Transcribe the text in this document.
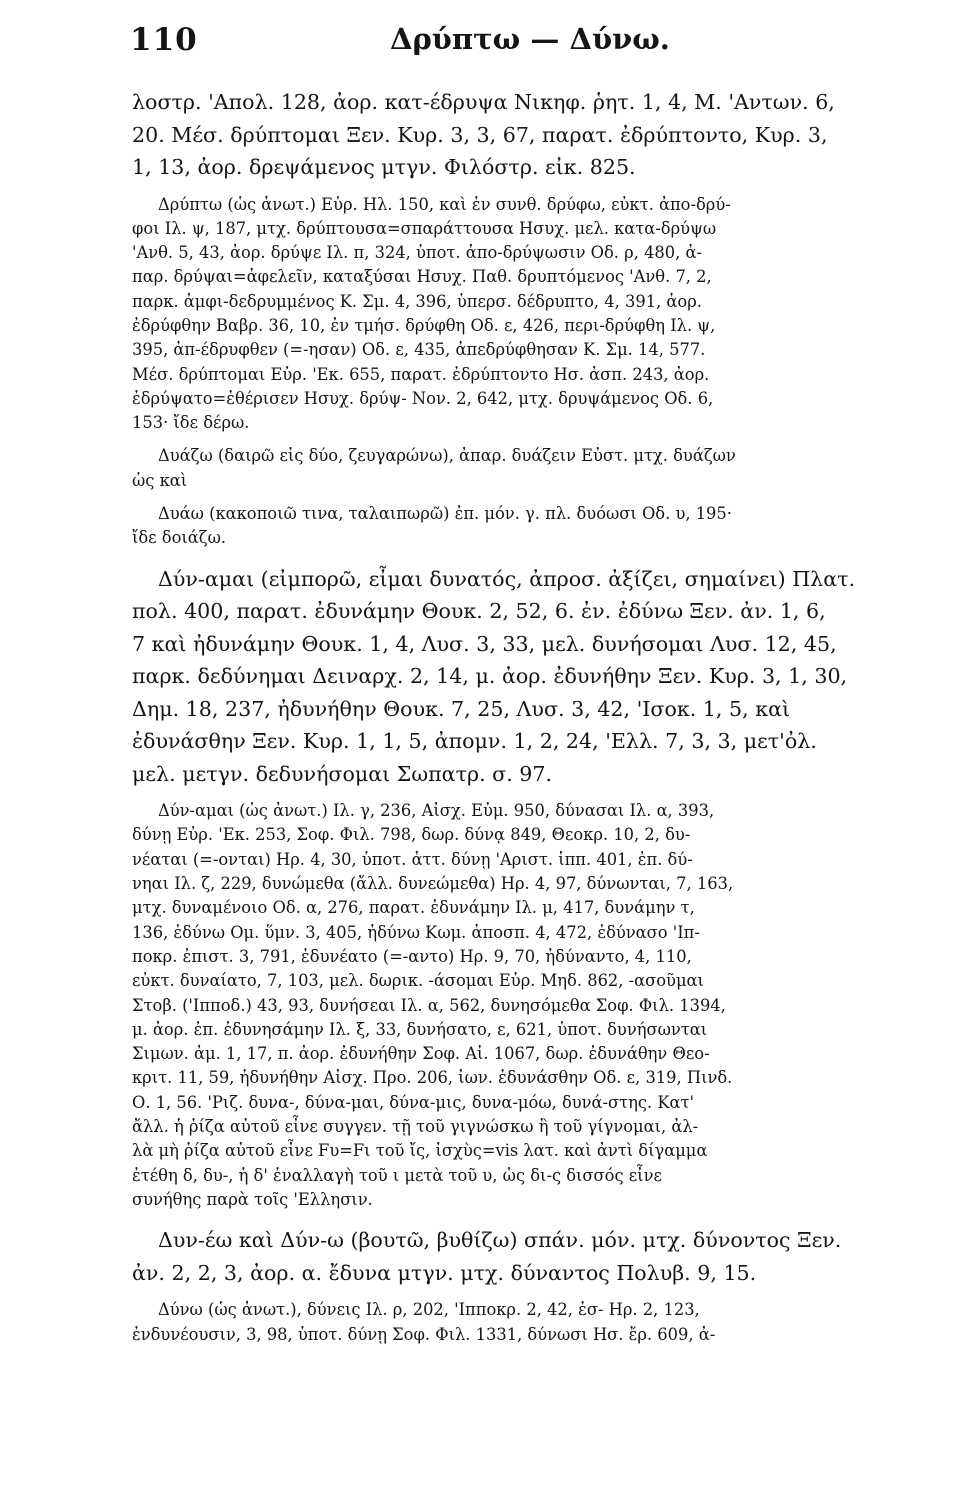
110	Δρύπτω — Δύνω.
λοστρ. 'Απολ. 128, ἀορ. κατ-έδρυψα Νικηφ. ῥητ. 1, 4, Μ. 'Αντων. 6,
20. Μέσ. δρύπτομαι Ξεν. Κυρ. 3, 3, 67, παρατ. ἐδρύπτοντο, Κυρ. 3,
1, 13, ἀορ. δρεψάμενος μτγν. Φιλόστρ. εἰκ. 825.
Δρύπτω (ὡς ἀνωτ.) Εὐρ. Ηλ. 150, καὶ ἐν συνθ. δρύφω, εὐκτ. ἀπο-δρύ-
φοι Ιλ. ψ, 187, μτχ. δρύπτουσα=σπαράττουσα Ησυχ. μελ. κατα-δρύψω
'Ανθ. 5, 43, ἀορ. δρύψε Ιλ. π, 324, ὑποτ. ἀπο-δρύψωσιν Οδ. ρ, 480, ἀ-
παρ. δρύψαι=ἀφελεῖν, καταξύσαι Ησυχ. Παθ. δρυπτόμενος 'Ανθ. 7, 2,
παρκ. ἀμφι-δεδρυμμένος Κ. Σμ. 4, 396, ὑπερσ. δέδρυπτο, 4, 391, ἀορ.
ἐδρύφθην Βαβρ. 36, 10, ἐν τμήσ. δρύφθη Οδ. ε, 426, περι-δρύφθη Ιλ. ψ,
395, ἀπ-έδρυφθεν (=-ησαν) Οδ. ε, 435, ἀπεδρύφθησαν Κ. Σμ. 14, 577.
Μέσ. δρύπτομαι Εὐρ. 'Εκ. 655, παρατ. ἐδρύπτοντο Ησ. ἀσπ. 243, ἀορ.
ἐδρύψατο=ἐθέρισεν Ησυχ. δρύψ- Νον. 2, 642, μτχ. δρυψάμενος Οδ. 6,
153· ἴδε δέρω.
Δυάζω (δαιρῶ εἰς δύο, ζευγαρώνω), ἀπαρ. δυάζειν Εὐστ. μτχ. δυάζων
ὡς καὶ
Δυάω (κακοποιῶ τινα, ταλαιπωρῶ) ἐπ. μόν. γ. πλ. δυόωσι Οδ. υ, 195·
ἴδε δοιάζω.
Δύν-αμαι (εἰμπορῶ, εἶμαι δυνατός, ἀπροσ. ἀξίζει, σημαίνει) Πλατ.
πολ. 400, παρατ. ἐδυνάμην Θουκ. 2, 52, 6. ἐν. ἐδύνω Ξεν. ἀν. 1, 6,
7 καὶ ἠδυνάμην Θουκ. 1, 4, Λυσ. 3, 33, μελ. δυνήσομαι Λυσ. 12, 45,
παρκ. δεδύνημαι Δειναρχ. 2, 14, μ. ἀορ. ἐδυνήθην Ξεν. Κυρ. 3, 1, 30,
Δημ. 18, 237, ἠδυνήθην Θουκ. 7, 25, Λυσ. 3, 42, 'Ισοκ. 1, 5, καὶ
ἐδυνάσθην Ξεν. Κυρ. 1, 1, 5, ἀπομν. 1, 2, 24, 'Ελλ. 7, 3, 3, μετ'ὀλ.
μελ. μετγν. δεδυνήσομαι Σωπατρ. σ. 97.
Δύν-αμαι (ὡς ἀνωτ.) Ιλ. γ, 236, Αἰσχ. Εὐμ. 950, δύνασαι Ιλ. α, 393,
δύνῃ Εὐρ. 'Εκ. 253, Σοφ. Φιλ. 798, δωρ. δύνᾳ 849, Θεοκρ. 10, 2, δυ-
νέαται (=-ονται) Ηρ. 4, 30, ὑποτ. ἀττ. δύνῃ 'Αριστ. ἱππ. 401, ἐπ. δύ-
νηαι Ιλ. ζ, 229, δυνώμεθα (ἄλλ. δυνεώμεθα) Ηρ. 4, 97, δύνωνται, 7, 163,
μτχ. δυναμένοιο Οδ. α, 276, παρατ. ἐδυνάμην Ιλ. μ, 417, δυνάμην τ,
136, ἐδύνω Ομ. ὕμν. 3, 405, ἠδύνω Κωμ. ἀποσπ. 4, 472, ἐδύνασο 'Ιπ-
ποκρ. ἐπιστ. 3, 791, ἐδυνέατο (=-αντο) Ηρ. 9, 70, ἠδύναντο, 4, 110,
εὐκτ. δυναίατο, 7, 103, μελ. δωρικ. -άσομαι Εὐρ. Μηδ. 862, -ασοῦμαι
Στοβ. ('Ιπποδ.) 43, 93, δυνήσεαι Ιλ. α, 562, δυνησόμεθα Σοφ. Φιλ. 1394,
μ. ἀορ. ἐπ. ἐδυνησάμην Ιλ. ξ, 33, δυνήσατο, ε, 621, ὑποτ. δυνήσωνται
Σιμων. ἀμ. 1, 17, π. ἀορ. ἐδυνήθην Σοφ. Αἰ. 1067, δωρ. ἐδυνάθην Θεο-
κριτ. 11, 59, ἠδυνήθην Αἰσχ. Προ. 206, ἰων. ἐδυνάσθην Οδ. ε, 319, Πινδ.
Ο. 1, 56. 'Ριζ. δυνα-, δύνα-μαι, δύνα-μις, δυνα-μόω, δυνά-στης. Κατ'
ἄλλ. ἡ ῥίζα αὐτοῦ εἶνε συγγεν. τῇ τοῦ γιγνώσκω ἢ τοῦ γίγνομαι, ἀλ-
λὰ μὴ ῥίζα αὐτοῦ εἶνε Fυ=Fι τοῦ ἴς, ἰσχὺς=vis λατ. καὶ ἀντὶ δίγαμμα
ἐτέθη δ, δυ-, ἡ δ' ἐναλλαγὴ τοῦ ι μετὰ τοῦ υ, ὡς δι-ς δισσός εἶνε
συνήθης παρὰ τοῖς 'Ελλησιν.
Δυν-έω καὶ Δύν-ω (βουτῶ, βυθίζω) σπάν. μόν. μτχ. δύνοντος Ξεν.
ἀν. 2, 2, 3, ἀορ. α. ἔδυνα μτγν. μτχ. δύναντος Πολυβ. 9, 15.
Δύνω (ὡς ἀνωτ.), δύνεις Ιλ. ρ, 202, 'Ιπποκρ. 2, 42, ἐσ- Ηρ. 2, 123,
ἐνδυνέουσιν, 3, 98, ὑποτ. δύνῃ Σοφ. Φιλ. 1331, δύνωσι Ησ. ἔρ. 609, ἀ-
